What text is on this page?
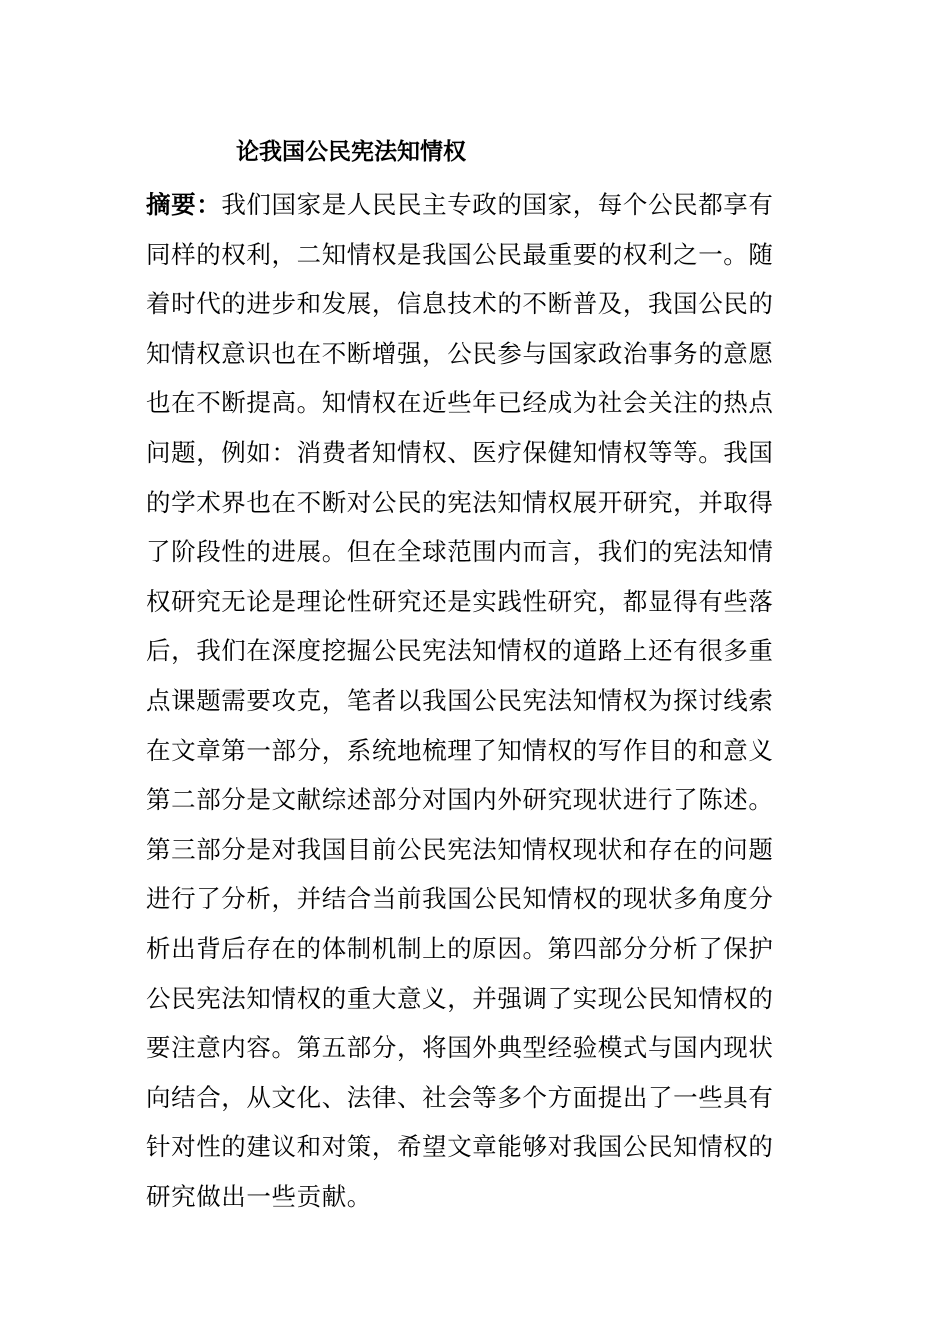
论我国公民宪法知情权
摘要：我们国家是人民民主专政的国家，每个公民都享有
同样的权利，二知情权是我国公民最重要的权利之一。随
着时代的进步和发展，信息技术的不断普及，我国公民的
知情权意识也在不断增强，公民参与国家政治事务的意愿
也在不断提高。知情权在近些年已经成为社会关注的热点
问题，例如：消费者知情权、医疗保健知情权等等。我国
的学术界也在不断对公民的宪法知情权展开研究，并取得
了阶段性的进展。但在全球范围内而言，我们的宪法知情
权研究无论是理论性研究还是实践性研究，都显得有些落
后，我们在深度挖掘公民宪法知情权的道路上还有很多重
点课题需要攻克，笔者以我国公民宪法知情权为探讨线索
在文章第一部分，系统地梳理了知情权的写作目的和意义
第二部分是文献综述部分对国内外研究现状进行了陈述。
第三部分是对我国目前公民宪法知情权现状和存在的问题
进行了分析，并结合当前我国公民知情权的现状多角度分
析出背后存在的体制机制上的原因。第四部分分析了保护
公民宪法知情权的重大意义，并强调了实现公民知情权的
要注意内容。第五部分，将国外典型经验模式与国内现状
向结合，从文化、法律、社会等多个方面提出了一些具有
针对性的建议和对策，希望文章能够对我国公民知情权的
研究做出一些贡献。
